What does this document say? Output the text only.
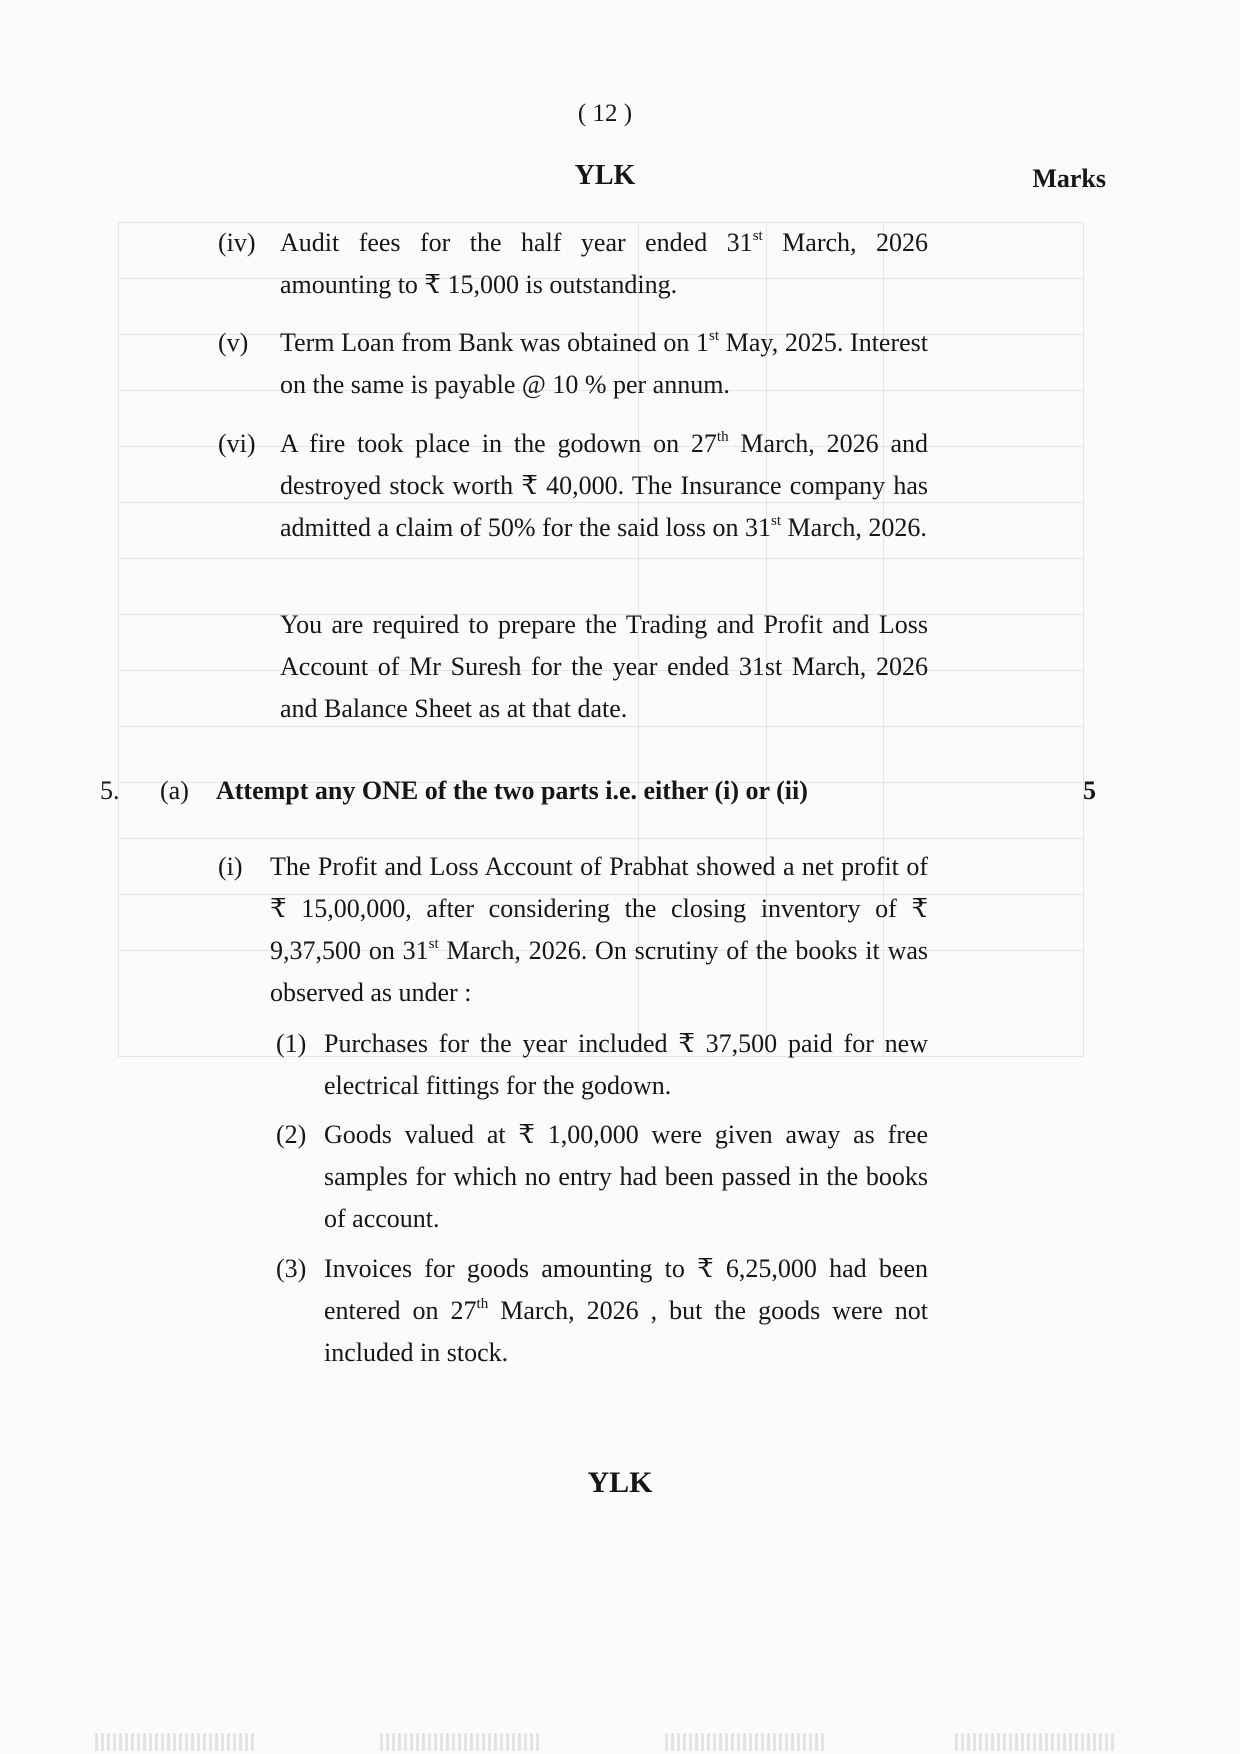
( 12 )
YLK	Marks
(iv) Audit fees for the half year ended 31st March, 2026 amounting to ₹ 15,000 is outstanding.
(v) Term Loan from Bank was obtained on 1st May, 2025. Interest on the same is payable @ 10 % per annum.
(vi) A fire took place in the godown on 27th March, 2026 and destroyed stock worth ₹ 40,000. The Insurance company has admitted a claim of 50% for the said loss on 31st March, 2026.
You are required to prepare the Trading and Profit and Loss Account of Mr Suresh for the year ended 31st March, 2026 and Balance Sheet as at that date.
5. (a) Attempt any ONE of the two parts i.e. either (i) or (ii)	5
(i) The Profit and Loss Account of Prabhat showed a net profit of ₹ 15,00,000, after considering the closing inventory of ₹ 9,37,500 on 31st March, 2026. On scrutiny of the books it was observed as under :
(1) Purchases for the year included ₹ 37,500 paid for new electrical fittings for the godown.
(2) Goods valued at ₹ 1,00,000 were given away as free samples for which no entry had been passed in the books of account.
(3) Invoices for goods amounting to ₹ 6,25,000 had been entered on 27th March, 2026 , but the goods were not included in stock.
YLK
